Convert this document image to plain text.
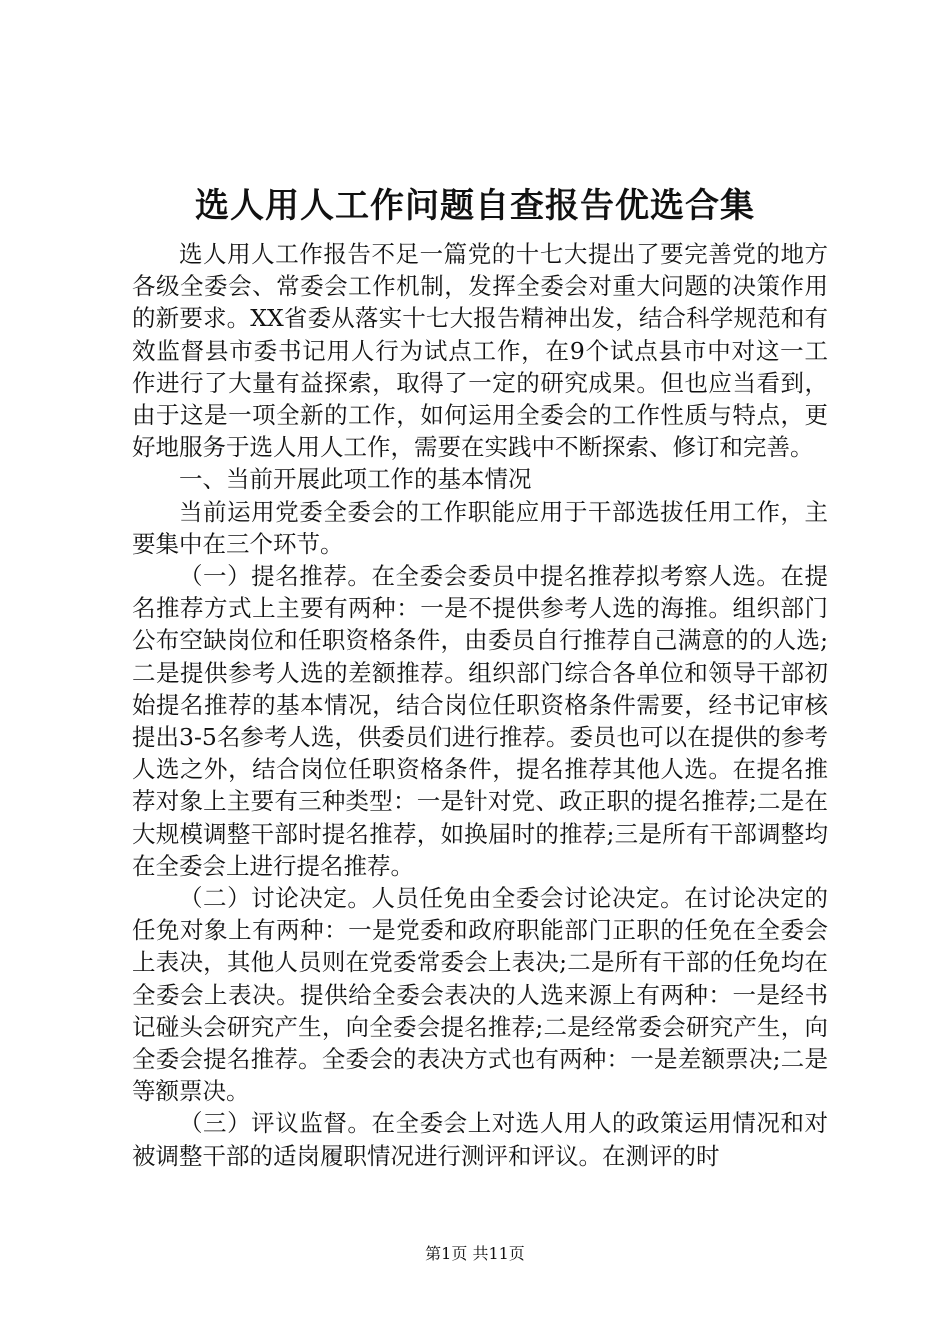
选人用人工作问题自查报告优选合集

选人用人工作报告不足一篇党的十七大提出了要完善党的地方各级全委会、常委会工作机制，发挥全委会对重大问题的决策作用的新要求。XX省委从落实十七大报告精神出发，结合科学规范和有效监督县市委书记用人行为试点工作，在9个试点县市中对这一工作进行了大量有益探索，取得了一定的研究成果。但也应当看到，由于这是一项全新的工作，如何运用全委会的工作性质与特点，更好地服务于选人用人工作，需要在实践中不断探索、修订和完善。

一、当前开展此项工作的基本情况

当前运用党委全委会的工作职能应用于干部选拔任用工作，主要集中在三个环节。

（一）提名推荐。在全委会委员中提名推荐拟考察人选。在提名推荐方式上主要有两种：一是不提供参考人选的海推。组织部门公布空缺岗位和任职资格条件，由委员自行推荐自己满意的的人选;二是提供参考人选的差额推荐。组织部门综合各单位和领导干部初始提名推荐的基本情况，结合岗位任职资格条件需要，经书记审核提出3-5名参考人选，供委员们进行推荐。委员也可以在提供的参考人选之外，结合岗位任职资格条件，提名推荐其他人选。在提名推荐对象上主要有三种类型：一是针对党、政正职的提名推荐;二是在大规模调整干部时提名推荐，如换届时的推荐;三是所有干部调整均在全委会上进行提名推荐。

（二）讨论决定。人员任免由全委会讨论决定。在讨论决定的任免对象上有两种：一是党委和政府职能部门正职的任免在全委会上表决，其他人员则在党委常委会上表决;二是所有干部的任免均在全委会上表决。提供给全委会表决的人选来源上有两种：一是经书记碰头会研究产生，向全委会提名推荐;二是经常委会研究产生，向全委会提名推荐。全委会的表决方式也有两种：一是差额票决;二是等额票决。

（三）评议监督。在全委会上对选人用人的政策运用情况和对被调整干部的适岗履职情况进行测评和评议。在测评的时

第1页 共11页
